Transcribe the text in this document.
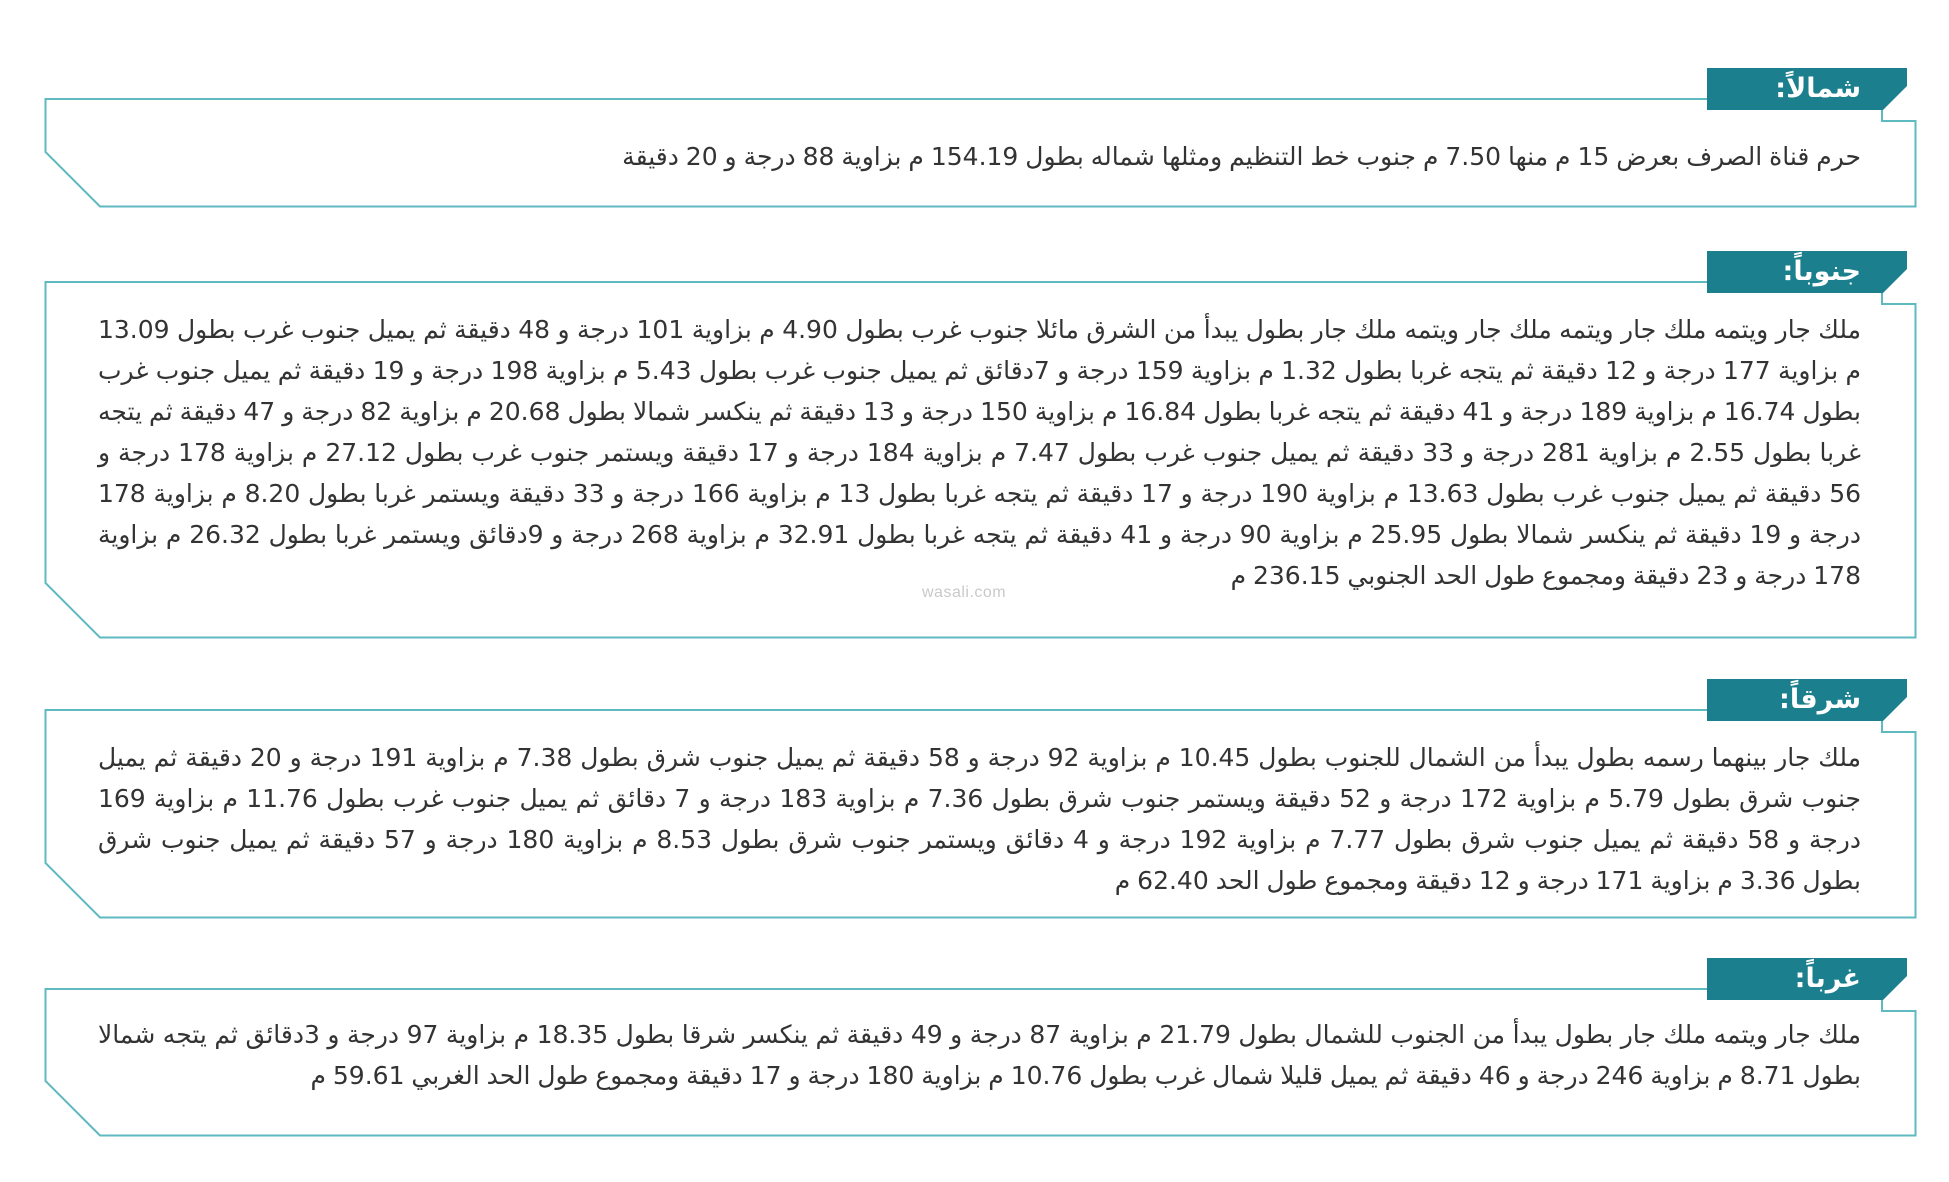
شمالاً:
حرم قناة الصرف بعرض 15 م منها 7.50 م جنوب خط التنظيم ومثلها شماله بطول 154.19 م بزاوية 88 درجة و 20 دقيقة
جنوباً:
ملك جار ويتمه ملك جار ويتمه ملك جار ويتمه ملك جار بطول يبدأ من الشرق مائلا جنوب غرب بطول 4.90 م بزاوية 101 درجة و 48 دقيقة ثم يميل جنوب غرب بطول 13.09 م بزاوية 177 درجة و 12 دقيقة ثم يتجه غربا بطول 1.32 م بزاوية 159 درجة و 7دقائق ثم يميل جنوب غرب بطول 5.43 م بزاوية 198 درجة و 19 دقيقة ثم يميل جنوب غرب بطول 16.74 م بزاوية 189 درجة و 41 دقيقة ثم يتجه غربا بطول 16.84 م بزاوية 150 درجة و 13 دقيقة ثم ينكسر شمالا بطول 20.68 م بزاوية 82 درجة و 47 دقيقة ثم يتجه غربا بطول 2.55 م بزاوية 281 درجة و 33 دقيقة ثم يميل جنوب غرب بطول 7.47 م بزاوية 184 درجة و 17 دقيقة ويستمر جنوب غرب بطول 27.12 م بزاوية 178 درجة و 56 دقيقة ثم يميل جنوب غرب بطول 13.63 م بزاوية 190 درجة و 17 دقيقة ثم يتجه غربا بطول 13 م بزاوية 166 درجة و 33 دقيقة ويستمر غربا بطول 8.20 م بزاوية 178 درجة و 19 دقيقة ثم ينكسر شمالا بطول 25.95 م بزاوية 90 درجة و 41 دقيقة ثم يتجه غربا بطول 32.91 م بزاوية 268 درجة و 9دقائق ويستمر غربا بطول 26.32 م بزاوية 178 درجة و 23 دقيقة ومجموع طول الحد الجنوبي 236.15 م
شرقاً:
ملك جار بينهما رسمه بطول يبدأ من الشمال للجنوب بطول 10.45 م بزاوية 92 درجة و 58 دقيقة ثم يميل جنوب شرق بطول 7.38 م بزاوية 191 درجة و 20 دقيقة ثم يميل جنوب شرق بطول 5.79 م بزاوية 172 درجة و 52 دقيقة ويستمر جنوب شرق بطول 7.36 م بزاوية 183 درجة و 7 دقائق ثم يميل جنوب غرب بطول 11.76 م بزاوية 169 درجة و 58 دقيقة ثم يميل جنوب شرق بطول 7.77 م بزاوية 192 درجة و 4 دقائق ويستمر جنوب شرق بطول 8.53 م بزاوية 180 درجة و 57 دقيقة ثم يميل جنوب شرق بطول 3.36 م بزاوية 171 درجة و 12 دقيقة ومجموع طول الحد 62.40 م
غرباً:
ملك جار ويتمه ملك جار بطول يبدأ من الجنوب للشمال بطول 21.79 م بزاوية 87 درجة و 49 دقيقة ثم ينكسر شرقا بطول 18.35 م بزاوية 97 درجة و 3دقائق ثم يتجه شمالا بطول 8.71 م بزاوية 246 درجة و 46 دقيقة ثم يميل قليلا شمال غرب بطول 10.76 م بزاوية 180 درجة و 17 دقيقة ومجموع طول الحد الغربي 59.61 م
wasali.com
